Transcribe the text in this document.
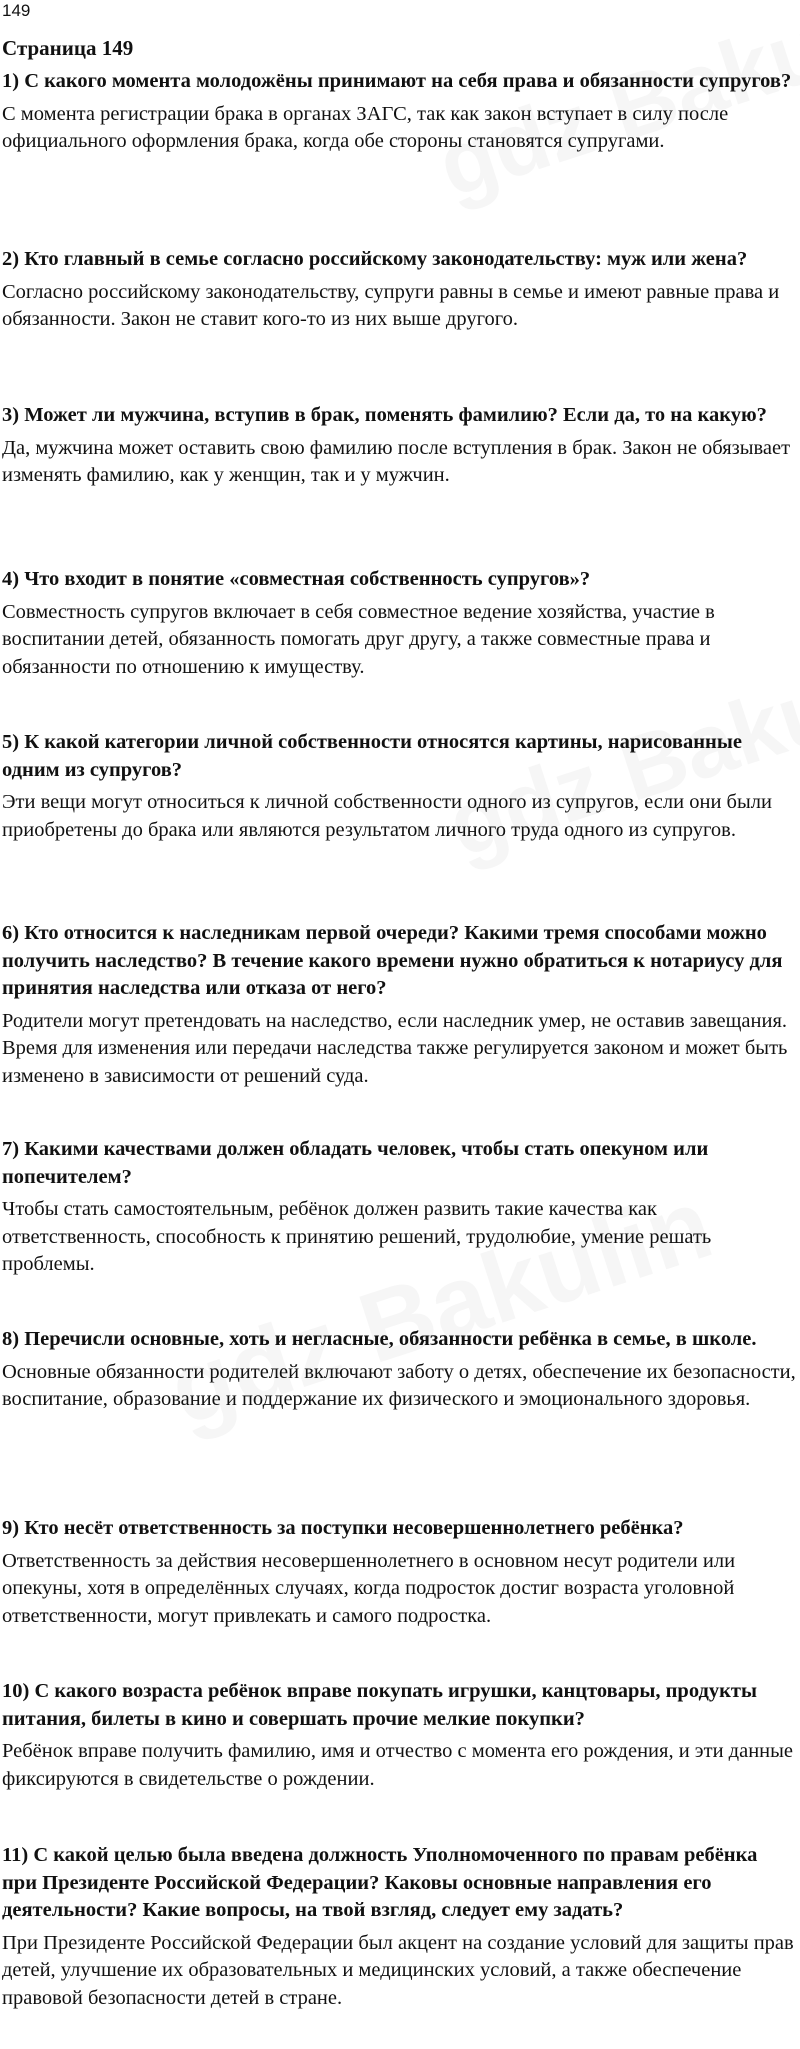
149
Страница 149

1) С какого момента молодожёны принимают на себя права и обязанности супругов?

С момента регистрации брака в органах ЗАГС, так как закон вступает в силу после официального оформления брака, когда обе стороны становятся супругами.

2) Кто главный в семье согласно российскому законодательству: муж или жена?

Согласно российскому законодательству, супруги равны в семье и имеют равные права и обязанности. Закон не ставит кого-то из них выше другого.

3) Может ли мужчина, вступив в брак, поменять фамилию? Если да, то на какую?

Да, мужчина может оставить свою фамилию после вступления в брак. Закон не обязывает изменять фамилию, как у женщин, так и у мужчин.

4) Что входит в понятие «совместная собственность супругов»?

Совместность супругов включает в себя совместное ведение хозяйства, участие в воспитании детей, обязанность помогать друг другу, а также совместные права и обязанности по отношению к имуществу.

5) К какой категории личной собственности относятся картины, нарисованные одним из супругов?

Эти вещи могут относиться к личной собственности одного из супругов, если они были приобретены до брака или являются результатом личного труда одного из супругов.

6) Кто относится к наследникам первой очереди? Какими тремя способами можно получить наследство? В течение какого времени нужно обратиться к нотариусу для принятия наследства или отказа от него?

Родители могут претендовать на наследство, если наследник умер, не оставив завещания. Время для изменения или передачи наследства также регулируется законом и может быть изменено в зависимости от решений суда.

7) Какими качествами должен обладать человек, чтобы стать опекуном или попечителем?

Чтобы стать самостоятельным, ребёнок должен развить такие качества как ответственность, способность к принятию решений, трудолюбие, умение решать проблемы.

8) Перечисли основные, хоть и негласные, обязанности ребёнка в семье, в школе.

Основные обязанности родителей включают заботу о детях, обеспечение их безопасности, воспитание, образование и поддержание их физического и эмоционального здоровья.

9) Кто несёт ответственность за поступки несовершеннолетнего ребёнка?

Ответственность за действия несовершеннолетнего в основном несут родители или опекуны, хотя в определённых случаях, когда подросток достиг возраста уголовной ответственности, могут привлекать и самого подростка.

10) С какого возраста ребёнок вправе покупать игрушки, канцтовары, продукты питания, билеты в кино и совершать прочие мелкие покупки?

Ребёнок вправе получить фамилию, имя и отчество с момента его рождения, и эти данные фиксируются в свидетельстве о рождении.

11) С какой целью была введена должность Уполномоченного по правам ребёнка при Президенте Российской Федерации? Каковы основные направления его деятельности? Какие вопросы, на твой взгляд, следует ему задать?

При Президенте Российской Федерации был акцент на создание условий для защиты прав детей, улучшение их образовательных и медицинских условий, а также обеспечение правовой безопасности детей в стране.
